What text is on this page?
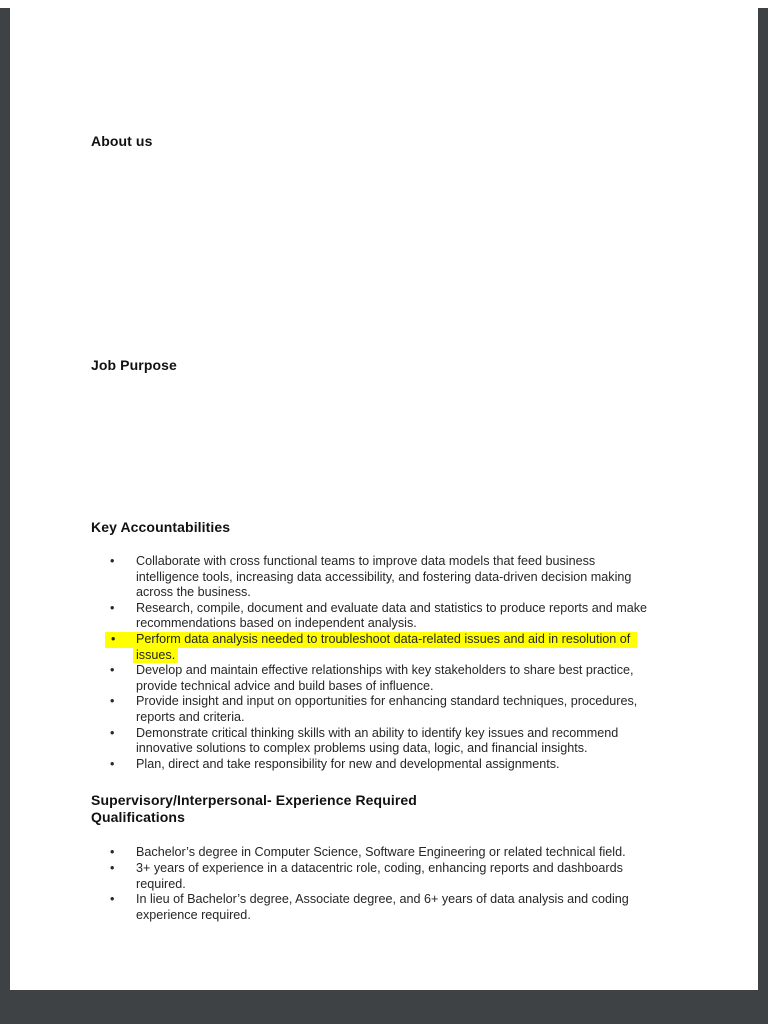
About us
Job Purpose
Key Accountabilities
•	Collaborate with cross functional teams to improve data models that feed business
intelligence tools, increasing data accessibility, and fostering data-driven decision making
across the business.
•	Research, compile, document and evaluate data and statistics to produce reports and make
recommendations based on independent analysis.
•	Perform data analysis needed to troubleshoot data-related issues and aid in resolution of
issues.
•	Develop and maintain effective relationships with key stakeholders to share best practice,
provide technical advice and build bases of influence.
•	Provide insight and input on opportunities for enhancing standard techniques, procedures,
reports and criteria.
•	Demonstrate critical thinking skills with an ability to identify key issues and recommend
innovative solutions to complex problems using data, logic, and financial insights.
•	Plan, direct and take responsibility for new and developmental assignments.
Supervisory/Interpersonal- Experience Required
Qualifications
•	Bachelor’s degree in Computer Science, Software Engineering or related technical field.
•	3+ years of experience in a datacentric role, coding, enhancing reports and dashboards
required.
•	In lieu of Bachelor’s degree, Associate degree, and 6+ years of data analysis and coding
experience required.
